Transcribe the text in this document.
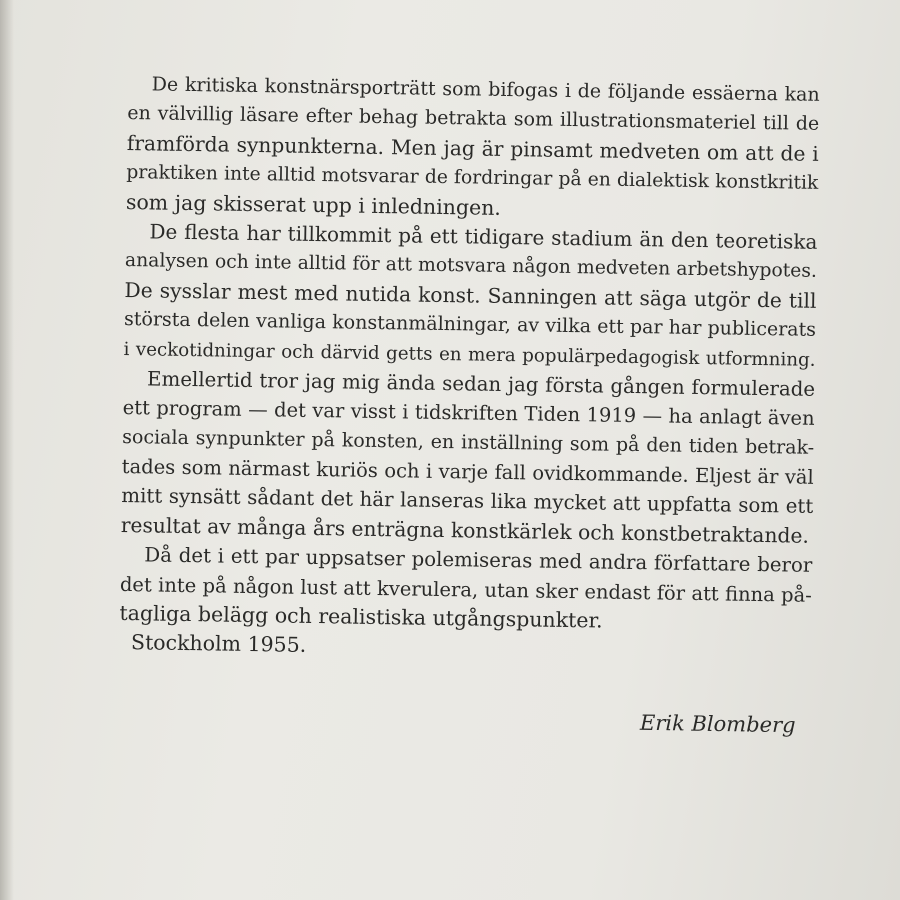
De kritiska konstnärsporträtt som bifogas i de följande essäerna kan
en välvillig läsare efter behag betrakta som illustrationsmateriel till de
framförda synpunkterna. Men jag är pinsamt medveten om att de i
praktiken inte alltid motsvarar de fordringar på en dialektisk konstkritik
som jag skisserat upp i inledningen.
De flesta har tillkommit på ett tidigare stadium än den teoretiska
analysen och inte alltid för att motsvara någon medveten arbetshypotes.
De sysslar mest med nutida konst. Sanningen att säga utgör de till
största delen vanliga konstanmälningar, av vilka ett par har publicerats
i veckotidningar och därvid getts en mera populärpedagogisk utformning.
Emellertid tror jag mig ända sedan jag första gången formulerade
ett program — det var visst i tidskriften Tiden 1919 — ha anlagt även
sociala synpunkter på konsten, en inställning som på den tiden betrak-
tades som närmast kuriös och i varje fall ovidkommande. Eljest är väl
mitt synsätt sådant det här lanseras lika mycket att uppfatta som ett
resultat av många års enträgna konstkärlek och konstbetraktande.
Då det i ett par uppsatser polemiseras med andra författare beror
det inte på någon lust att kverulera, utan sker endast för att finna på-
tagliga belägg och realistiska utgångspunkter.
Stockholm 1955.
Erik Blomberg
